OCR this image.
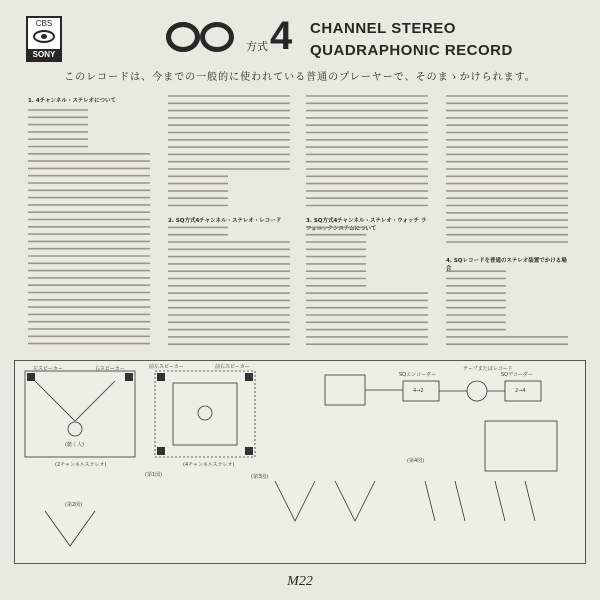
CBS
SONY
方式 4 CHANNEL STEREO
QUADRAPHONIC RECORD
このレコードは、今までの一般的に使われている普通のプレーヤーで、そのまゝかけられます。
1. 4チャンネル・ステレオについて
2. SQ方式4チャンネル・ステレオ・レコード	3. SQ方式4チャンネル・ステレオ・ウォッチ ラフォニックシステムについて
4. SQレコードを普通のステレオ装置でかける場合
左スピーカー	右スピーカー	前左スピーカー	前右スピーカー
(聴く人)
(2チャンネルステレオ)	(4チャンネルステレオ)
(第1図)
(第2図)
(第3図)
(第4図)
SQエンコーダー	SQデコーダー
テープまたはレコード
4→2	2→4
M22
